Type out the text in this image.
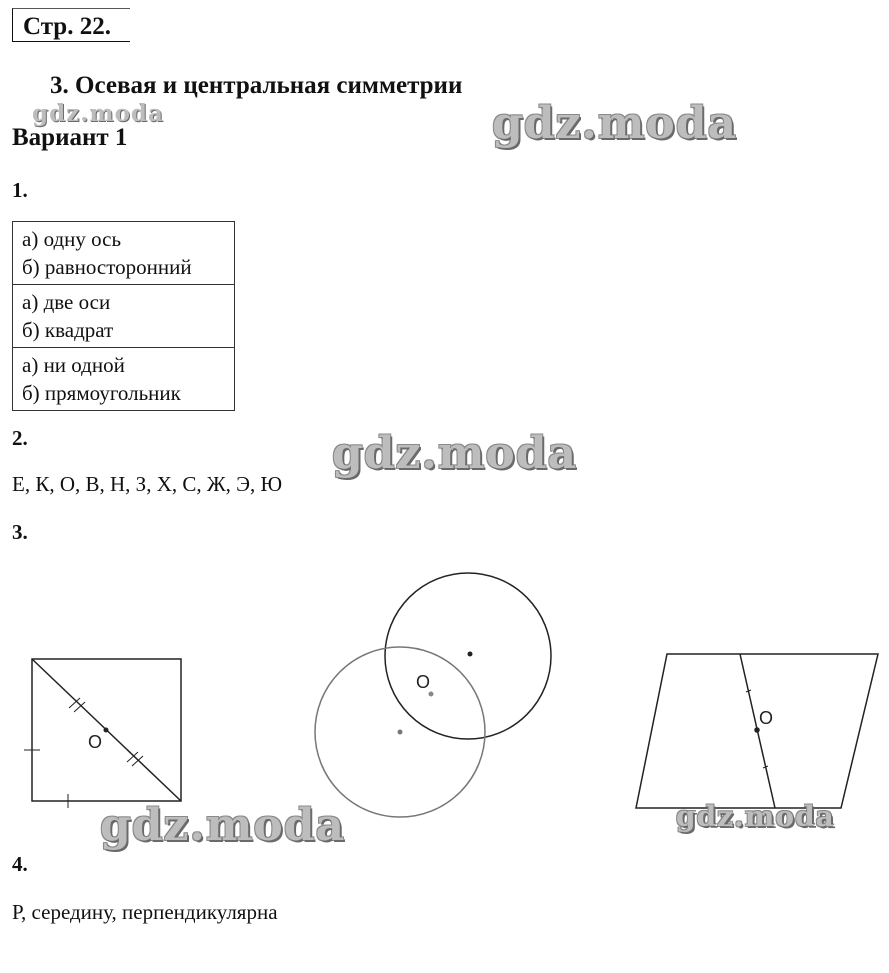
Стр. 22.
3. Осевая и центральная симметрии
gdz.moda	gdz.moda
Вариант 1
1.
а) одну ось
б) равносторонний

а) две оси
б) квадрат

а) ни одной
б) прямоугольник
2.	gdz.moda
Е, К, О, В, Н, З, Х, С, Ж, Э, Ю
3.
O
O
O
gdz.moda	gdz.moda
4.
Р, середину, перпендикулярна
